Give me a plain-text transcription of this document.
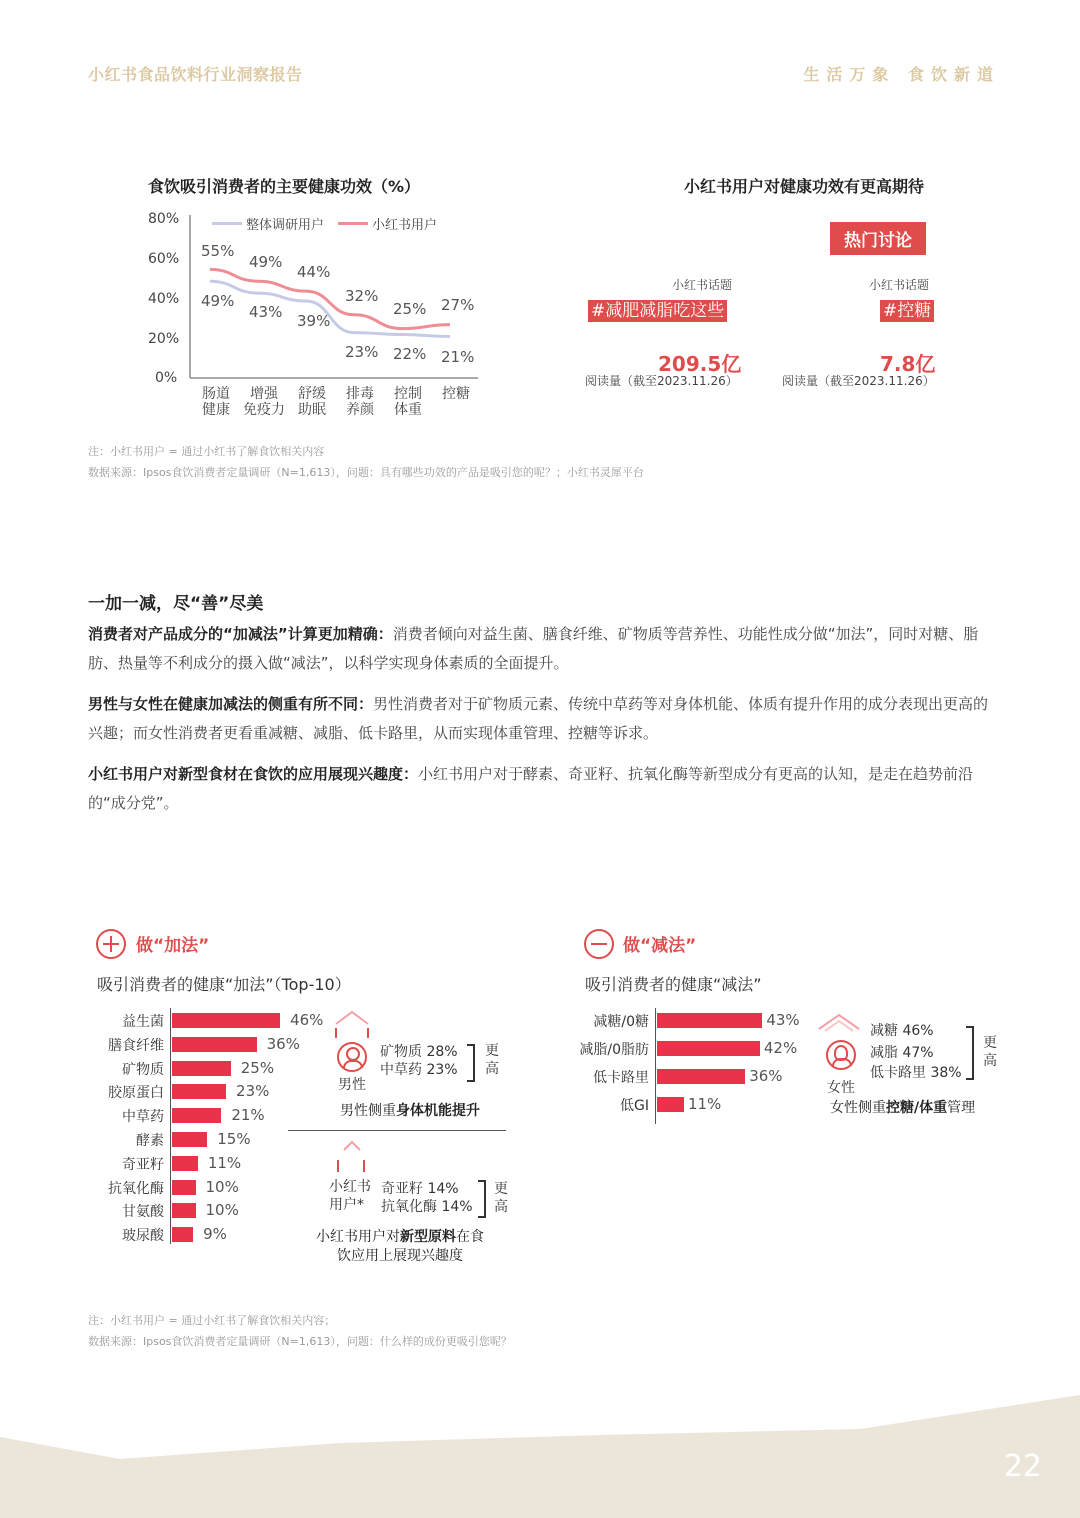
小红书食品饮料行业洞察报告	生活万象 食饮新道
食饮吸引消费者的主要健康功效（%）
80%
60%
40%
20%
0%
整体调研用户	小红书用户
55%
49%
44%
32%
25% 27%
49%
43% 39%
23% 22% 21%
肠道
健康
增强
免疫力
舒缓
助眠
排毒
养颜
控制
体重
控糖
小红书用户对健康功效有更高期待
热门讨论
小红书话题
#减肥减脂吃这些
209.5亿
阅读量（截至2023.11.26）
小红书话题
#控糖
7.8亿
阅读量（截至2023.11.26）
注：小红书用户 = 通过小红书了解食饮相关内容
数据来源：Ipsos食饮消费者定量调研（N=1,613），问题：具有哪些功效的产品是吸引您的呢？；小红书灵犀平台
一加一减，尽“善”尽美
消费者对产品成分的“加减法”计算更加精确：消费者倾向对益生菌、膳食纤维、矿物质等营养性、功能性成分做“加法”，同时对糖、脂肪、热量等不利成分的摄入做“减法”，以科学实现身体素质的全面提升。
男性与女性在健康加减法的侧重有所不同：男性消费者对于矿物质元素、传统中草药等对身体机能、体质有提升作用的成分表现出更高的兴趣；而女性消费者更看重减糖、减脂、低卡路里，从而实现体重管理、控糖等诉求。
小红书用户对新型食材在食饮的应用展现兴趣度：小红书用户对于酵素、奇亚籽、抗氧化酶等新型成分有更高的认知，是走在趋势前沿的“成分党”。
做“加法”
吸引消费者的健康“加法”（Top-10）
益生菌	46%
膳食纤维	36%
矿物质	25%
胶原蛋白	23%
中草药	21%
酵素	15%
奇亚籽	11%
抗氧化酶	10%
甘氨酸	10%
玻尿酸	9%
男性
矿物质 28%
中草药 23%
更高
男性侧重身体机能提升
小红书
用户*
奇亚籽 14%
抗氧化酶 14%
更高
小红书用户对新型原料在食
饮应用上展现兴趣度
做“减法”
吸引消费者的健康“减法”
减糖/0糖	43%
减脂/0脂肪	42%
低卡路里	36%
低GI	11%
女性
减糖 46%
减脂 47%
低卡路里 38%
更高
女性侧重控糖/体重管理
注：小红书用户 = 通过小红书了解食饮相关内容；
数据来源：Ipsos食饮消费者定量调研（N=1,613），问题：什么样的成份更吸引您呢？
22
